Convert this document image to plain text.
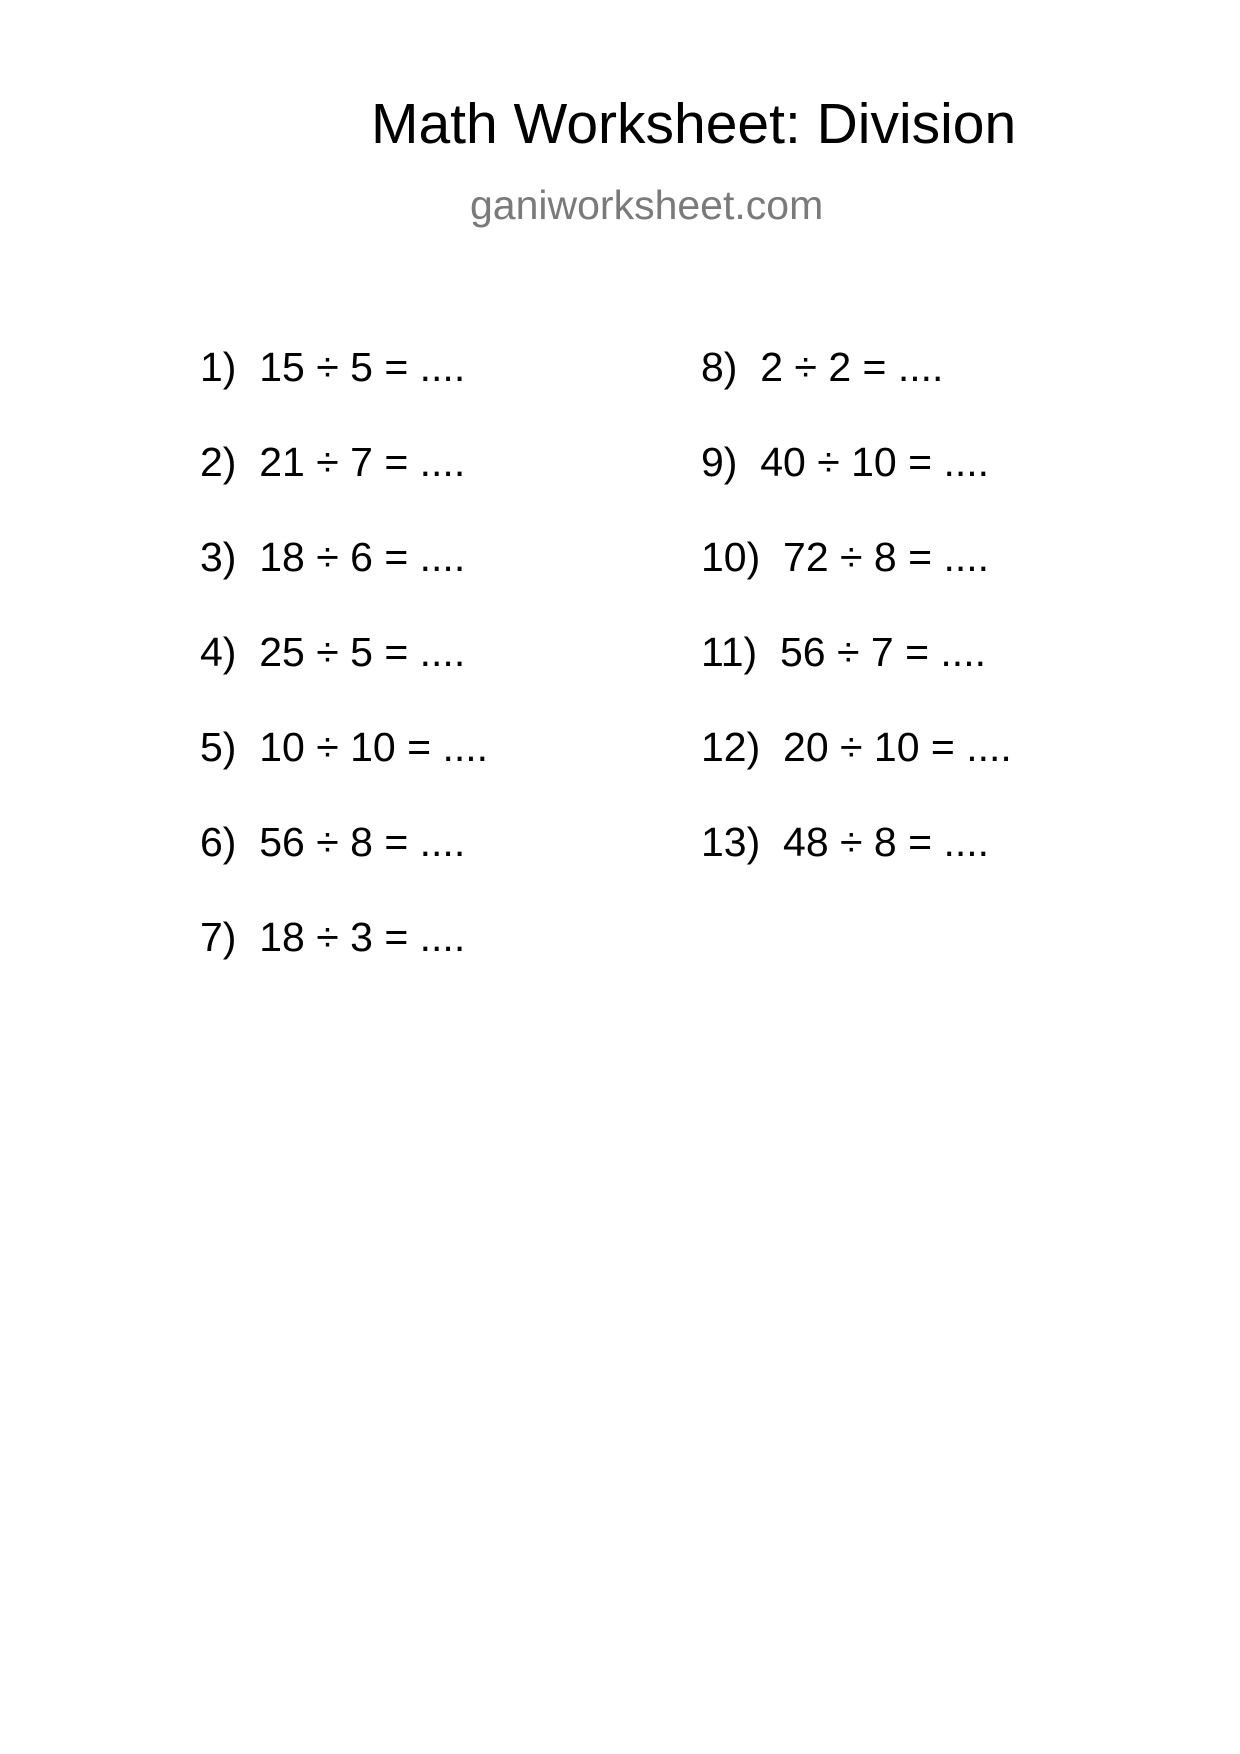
Math Worksheet: Division
ganiworksheet.com
1)  15 ÷ 5 = ....
2)  21 ÷ 7 = ....
3)  18 ÷ 6 = ....
4)  25 ÷ 5 = ....
5)  10 ÷ 10 = ....
6)  56 ÷ 8 = ....
7)  18 ÷ 3 = ....
8)  2 ÷ 2 = ....
9)  40 ÷ 10 = ....
10)  72 ÷ 8 = ....
11)  56 ÷ 7 = ....
12)  20 ÷ 10 = ....
13)  48 ÷ 8 = ....
